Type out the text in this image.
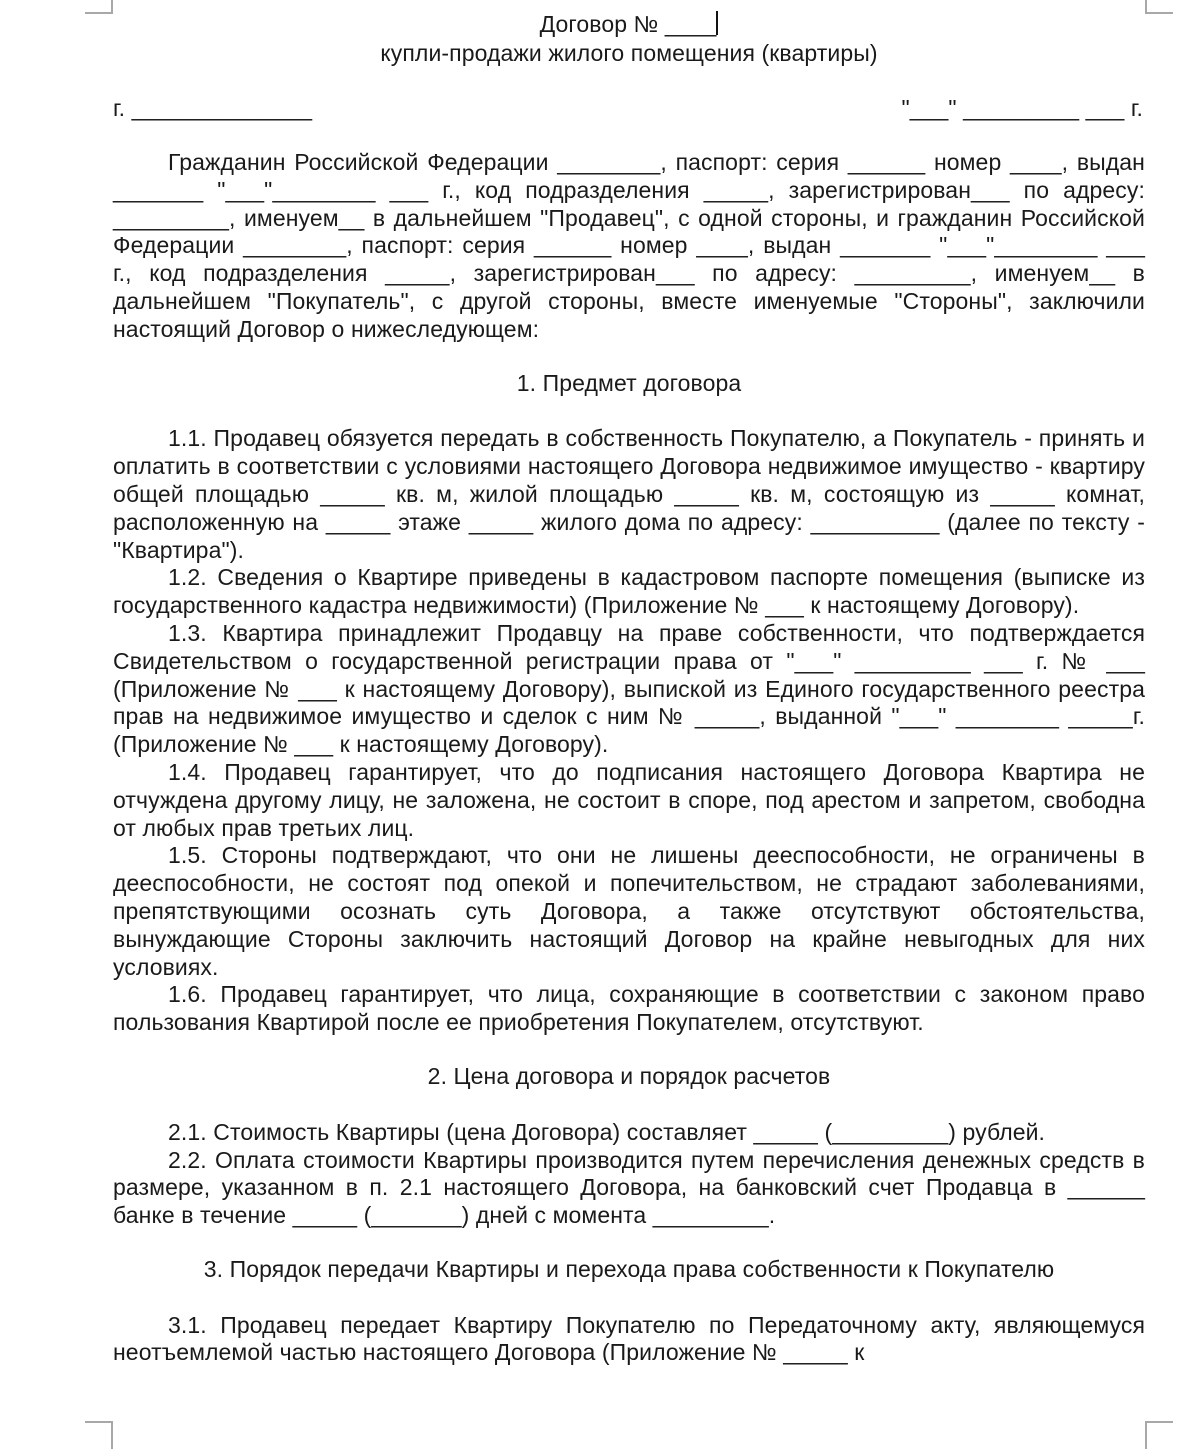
Договор № ____
купли-продажи жилого помещения (квартиры)
г. ______________	"___" _________ ___ г.

Гражданин Российской Федерации ________, паспорт: серия ______ номер ____, выдан _______ "___"________ ___ г., код подразделения _____, зарегистрирован___ по адресу: _________, именуем__ в дальнейшем "Продавец", с одной стороны, и гражданин Российской Федерации ________, паспорт: серия ______ номер ____, выдан _______ "___"________ ___ г., код подразделения _____, зарегистрирован___ по адресу: _________, именуем__ в дальнейшем "Покупатель", с другой стороны, вместе именуемые "Стороны", заключили настоящий Договор о нижеследующем:

1. Предмет договора

1.1. Продавец обязуется передать в собственность Покупателю, а Покупатель - принять и оплатить в соответствии с условиями настоящего Договора недвижимое имущество - квартиру общей площадью _____ кв. м, жилой площадью _____ кв. м, состоящую из _____ комнат, расположенную на _____ этаже _____ жилого дома по адресу: __________ (далее по тексту - "Квартира").

1.2. Сведения о Квартире приведены в кадастровом паспорте помещения (выписке из государственного кадастра недвижимости) (Приложение № ___ к настоящему Договору).

1.3. Квартира принадлежит Продавцу на праве собственности, что подтверждается Свидетельством о государственной регистрации права от "___" _________ ___ г. № ___ (Приложение № ___ к настоящему Договору), выпиской из Единого государственного реестра прав на недвижимое имущество и сделок с ним № _____, выданной "___" ________ _____г. (Приложение № ___ к настоящему Договору).

1.4. Продавец гарантирует, что до подписания настоящего Договора Квартира не отчуждена другому лицу, не заложена, не состоит в споре, под арестом и запретом, свободна от любых прав третьих лиц.

1.5. Стороны подтверждают, что они не лишены дееспособности, не ограничены в дееспособности, не состоят под опекой и попечительством, не страдают заболеваниями, препятствующими осознать суть Договора, а также отсутствуют обстоятельства, вынуждающие Стороны заключить настоящий Договор на крайне невыгодных для них условиях.

1.6. Продавец гарантирует, что лица, сохраняющие в соответствии с законом право пользования Квартирой после ее приобретения Покупателем, отсутствуют.

2. Цена договора и порядок расчетов

2.1. Стоимость Квартиры (цена Договора) составляет _____ (_________) рублей.

2.2. Оплата стоимости Квартиры производится путем перечисления денежных средств в размере, указанном в п. 2.1 настоящего Договора, на банковский счет Продавца в ______ банке в течение _____ (_______) дней с момента _________.

3. Порядок передачи Квартиры и перехода права собственности к Покупателю

3.1. Продавец передает Квартиру Покупателю по Передаточному акту, являющемуся неотъемлемой частью настоящего Договора (Приложение № _____ к
